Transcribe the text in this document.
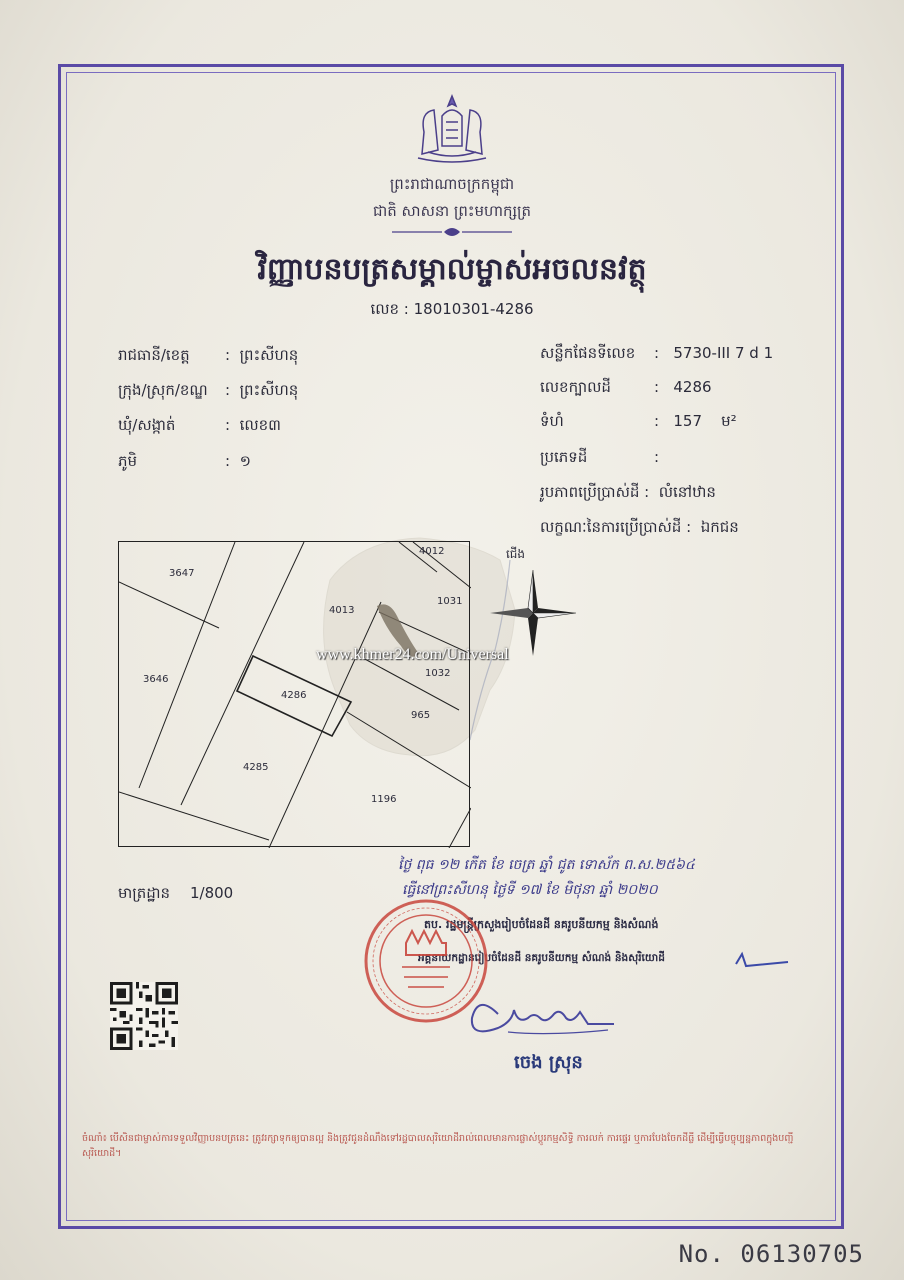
ព្រះរាជាណាចក្រកម្ពុជា
ជាតិ សាសនា ព្រះមហាក្សត្រ
វិញ្ញាបនបត្រសម្គាល់ម្ចាស់អចលនវត្ថុ
លេខ : 18010301-4286
រាជធានី/ខេត្ត :  ព្រះសីហនុ
ក្រុង/ស្រុក/ខណ្ឌ :  ព្រះសីហនុ
ឃុំ/សង្កាត់	:  លេខ៣
ភូមិ	:  ១
សន្លឹកផែនទីលេខ :   5730-III 7 d 1
លេខក្បាលដី	:   4286
ទំហំ	:   157 ម²
ប្រភេទដី	:
រូបភាពប្រើប្រាស់ដី :  លំនៅឋាន
លក្ខណៈនៃការប្រើប្រាស់ដី :  ឯកជន
3647
4012
4013
1031
3646
4286
1032
965
4285
1196
ជើង
www.khmer24.com/Universal
មាត្រដ្ឋាន 1/800
ថ្ងៃ ពុធ ១២ កើត ខែ ចេត្រ ឆ្នាំ ជូត ទោស័ក ព.ស.២៥៦៤
ធ្វើនៅព្រះសីហនុ ថ្ងៃទី ១៧ ខែ មិថុនា ឆ្នាំ ២០២០
តប. រដ្ឋមន្ត្រីក្រសួងរៀបចំដែនដី នគរូបនីយកម្ម និងសំណង់
អគ្គនាយកដ្ឋានរៀបចំដែនដី នគរូបនីយកម្ម សំណង់ និងសុរិយោដី
ចេង ស្រុន
ចំណាំ៖ បើសិនជាម្ចាស់ការទទួលវិញ្ញាបនបត្រនេះ ត្រូវរក្សាទុកឲ្យបានល្អ និងត្រូវជូនដំណឹងទៅរដ្ឋបាលសុរិយោដីរាល់ពេលមានការផ្លាស់ប្តូរកម្មសិទ្ធិ ការលក់ ការផ្ទេរ ឬការបែងចែកដីធ្លី ដើម្បីធ្វើបច្ចុប្បន្នភាពក្នុងបញ្ជីសុរិយោដី។
No. 06130705
